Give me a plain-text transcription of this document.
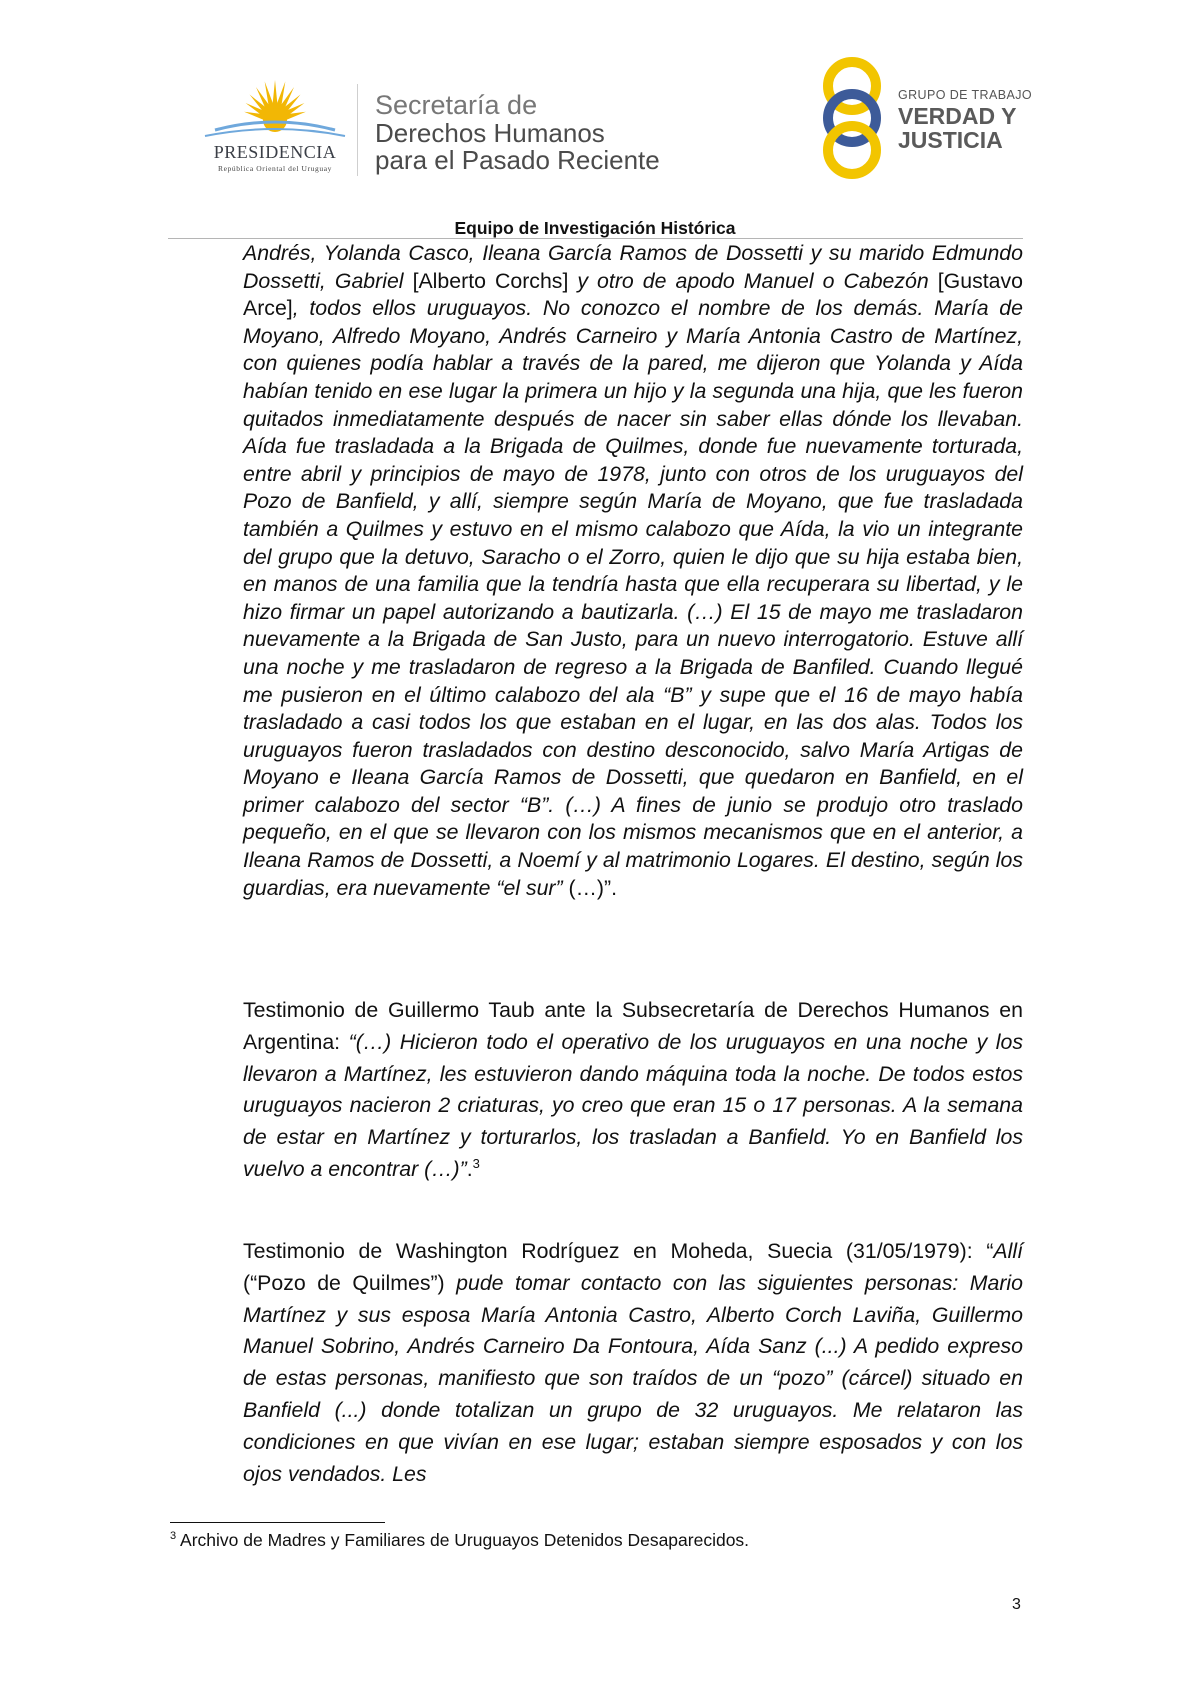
PRESIDENCIA
República Oriental del Uruguay
Secretaría de
Derechos Humanos
para el Pasado Reciente
GRUPO DE TRABAJO
VERDAD Y
JUSTICIA
Equipo de Investigación Histórica

Andrés, Yolanda Casco, Ileana García Ramos de Dossetti y su marido Edmundo Dossetti, Gabriel [Alberto Corchs] y otro de apodo Manuel o Cabezón [Gustavo Arce], todos ellos uruguayos. No conozco el nombre de los demás. María de Moyano, Alfredo Moyano, Andrés Carneiro y María Antonia Castro de Martínez, con quienes podía hablar a través de la pared, me dijeron que Yolanda y Aída habían tenido en ese lugar la primera un hijo y la segunda una hija, que les fueron quitados inmediatamente después de nacer sin saber ellas dónde los llevaban. Aída fue trasladada a la Brigada de Quilmes, donde fue nuevamente torturada, entre abril y principios de mayo de 1978, junto con otros de los uruguayos del Pozo de Banfield, y allí, siempre según María de Moyano, que fue trasladada también a Quilmes y estuvo en el mismo calabozo que Aída, la vio un integrante del grupo que la detuvo, Saracho o el Zorro, quien le dijo que su hija estaba bien, en manos de una familia que la tendría hasta que ella recuperara su libertad, y le hizo firmar un papel autorizando a bautizarla. (…) El 15 de mayo me trasladaron nuevamente a la Brigada de San Justo, para un nuevo interrogatorio. Estuve allí una noche y me trasladaron de regreso a la Brigada de Banfiled. Cuando llegué me pusieron en el último calabozo del ala “B” y supe que el 16 de mayo había trasladado a casi todos los que estaban en el lugar, en las dos alas. Todos los uruguayos fueron trasladados con destino desconocido, salvo María Artigas de Moyano e Ileana García Ramos de Dossetti, que quedaron en Banfield, en el primer calabozo del sector “B”. (…) A fines de junio se produjo otro traslado pequeño, en el que se llevaron con los mismos mecanismos que en el anterior, a Ileana Ramos de Dossetti, a Noemí y al matrimonio Logares. El destino, según los guardias, era nuevamente “el sur” (…)”.

Testimonio de Guillermo Taub ante la Subsecretaría de Derechos Humanos en Argentina: “(…) Hicieron todo el operativo de los uruguayos en una noche y los llevaron a Martínez, les estuvieron dando máquina toda la noche. De todos estos uruguayos nacieron 2 criaturas, yo creo que eran 15 o 17 personas. A la semana de estar en Martínez y torturarlos, los trasladan a Banfield. Yo en Banfield los vuelvo a encontrar (…)”.$^3$

Testimonio de Washington Rodríguez en Moheda, Suecia (31/05/1979): “Allí (“Pozo de Quilmes”) pude tomar contacto con las siguientes personas: Mario Martínez y sus esposa María Antonia Castro, Alberto Corch Laviña, Guillermo Manuel Sobrino, Andrés Carneiro Da Fontoura, Aída Sanz (...) A pedido expreso de estas personas, manifiesto que son traídos de un “pozo” (cárcel) situado en Banfield (...) donde totalizan un grupo de 32 uruguayos. Me relataron las condiciones en que vivían en ese lugar; estaban siempre esposados y con los ojos vendados. Les

$^3$ Archivo de Madres y Familiares de Uruguayos Detenidos Desaparecidos.
3
